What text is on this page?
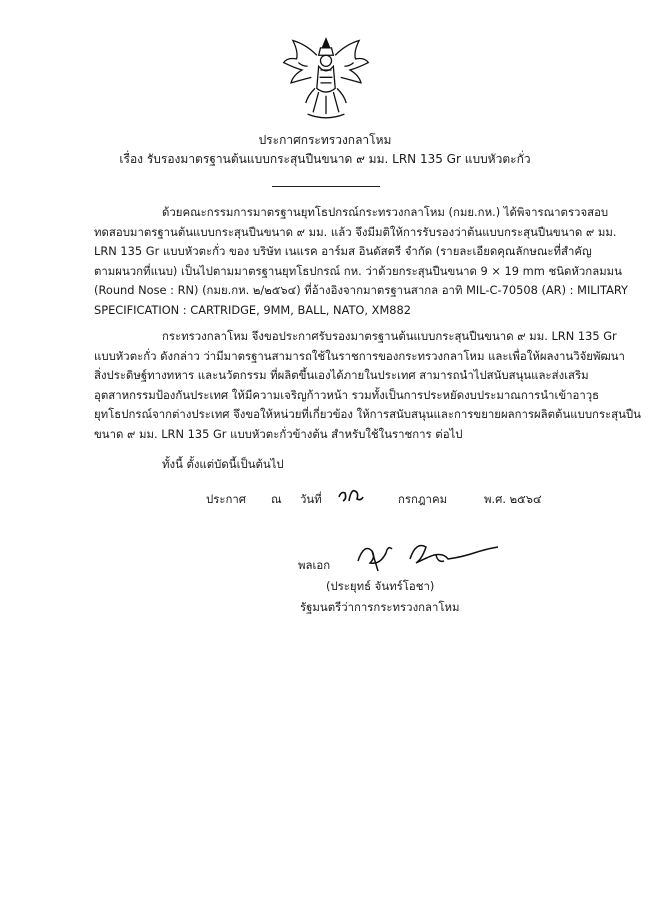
ประกาศกระทรวงกลาโหม
เรื่อง รับรองมาตรฐานต้นแบบกระสุนปืนขนาด ๙ มม. LRN 135 Gr แบบหัวตะกั่ว
ด้วยคณะกรรมการมาตรฐานยุทโธปกรณ์กระทรวงกลาโหม (กมย.กห.) ได้พิจารณาตรวจสอบ
ทดสอบมาตรฐานต้นแบบกระสุนปืนขนาด ๙ มม. แล้ว จึงมีมติให้การรับรองว่าต้นแบบกระสุนปืนขนาด ๙ มม.
LRN 135 Gr แบบหัวตะกั่ว ของ บริษัท เนแรค อาร์มส อินดัสตรี จำกัด (รายละเอียดคุณลักษณะที่สำคัญ
ตามผนวกที่แนบ) เป็นไปตามมาตรฐานยุทโธปกรณ์ กห. ว่าด้วยกระสุนปืนขนาด 9 × 19 mm ชนิดหัวกลมมน
(Round Nose : RN) (กมย.กห. ๒/๒๕๖๔) ที่อ้างอิงจากมาตรฐานสากล อาทิ MIL-C-70508 (AR) : MILITARY
SPECIFICATION : CARTRIDGE, 9MM, BALL, NATO, XM882
กระทรวงกลาโหม จึงขอประกาศรับรองมาตรฐานต้นแบบกระสุนปืนขนาด ๙ มม. LRN 135 Gr
แบบหัวตะกั่ว ดังกล่าว ว่ามีมาตรฐานสามารถใช้ในราชการของกระทรวงกลาโหม และเพื่อให้ผลงานวิจัยพัฒนา
สิ่งประดิษฐ์ทางทหาร และนวัตกรรม ที่ผลิตขึ้นเองได้ภายในประเทศ สามารถนำไปสนับสนุนและส่งเสริม
อุตสาหกรรมป้องกันประเทศ ให้มีความเจริญก้าวหน้า รวมทั้งเป็นการประหยัดงบประมาณการนำเข้าอาวุธ
ยุทโธปกรณ์จากต่างประเทศ จึงขอให้หน่วยที่เกี่ยวข้อง ให้การสนับสนุนและการขยายผลการผลิตต้นแบบกระสุนปืน
ขนาด ๙ มม. LRN 135 Gr แบบหัวตะกั่วข้างต้น สำหรับใช้ในราชการ ต่อไป
ทั้งนี้ ตั้งแต่บัดนี้เป็นต้นไป
ประกาศ ณ วันที่	กรกฎาคม	พ.ศ. ๒๕๖๔
พลเอก
(ประยุทธ์ จันทร์โอชา)
รัฐมนตรีว่าการกระทรวงกลาโหม
